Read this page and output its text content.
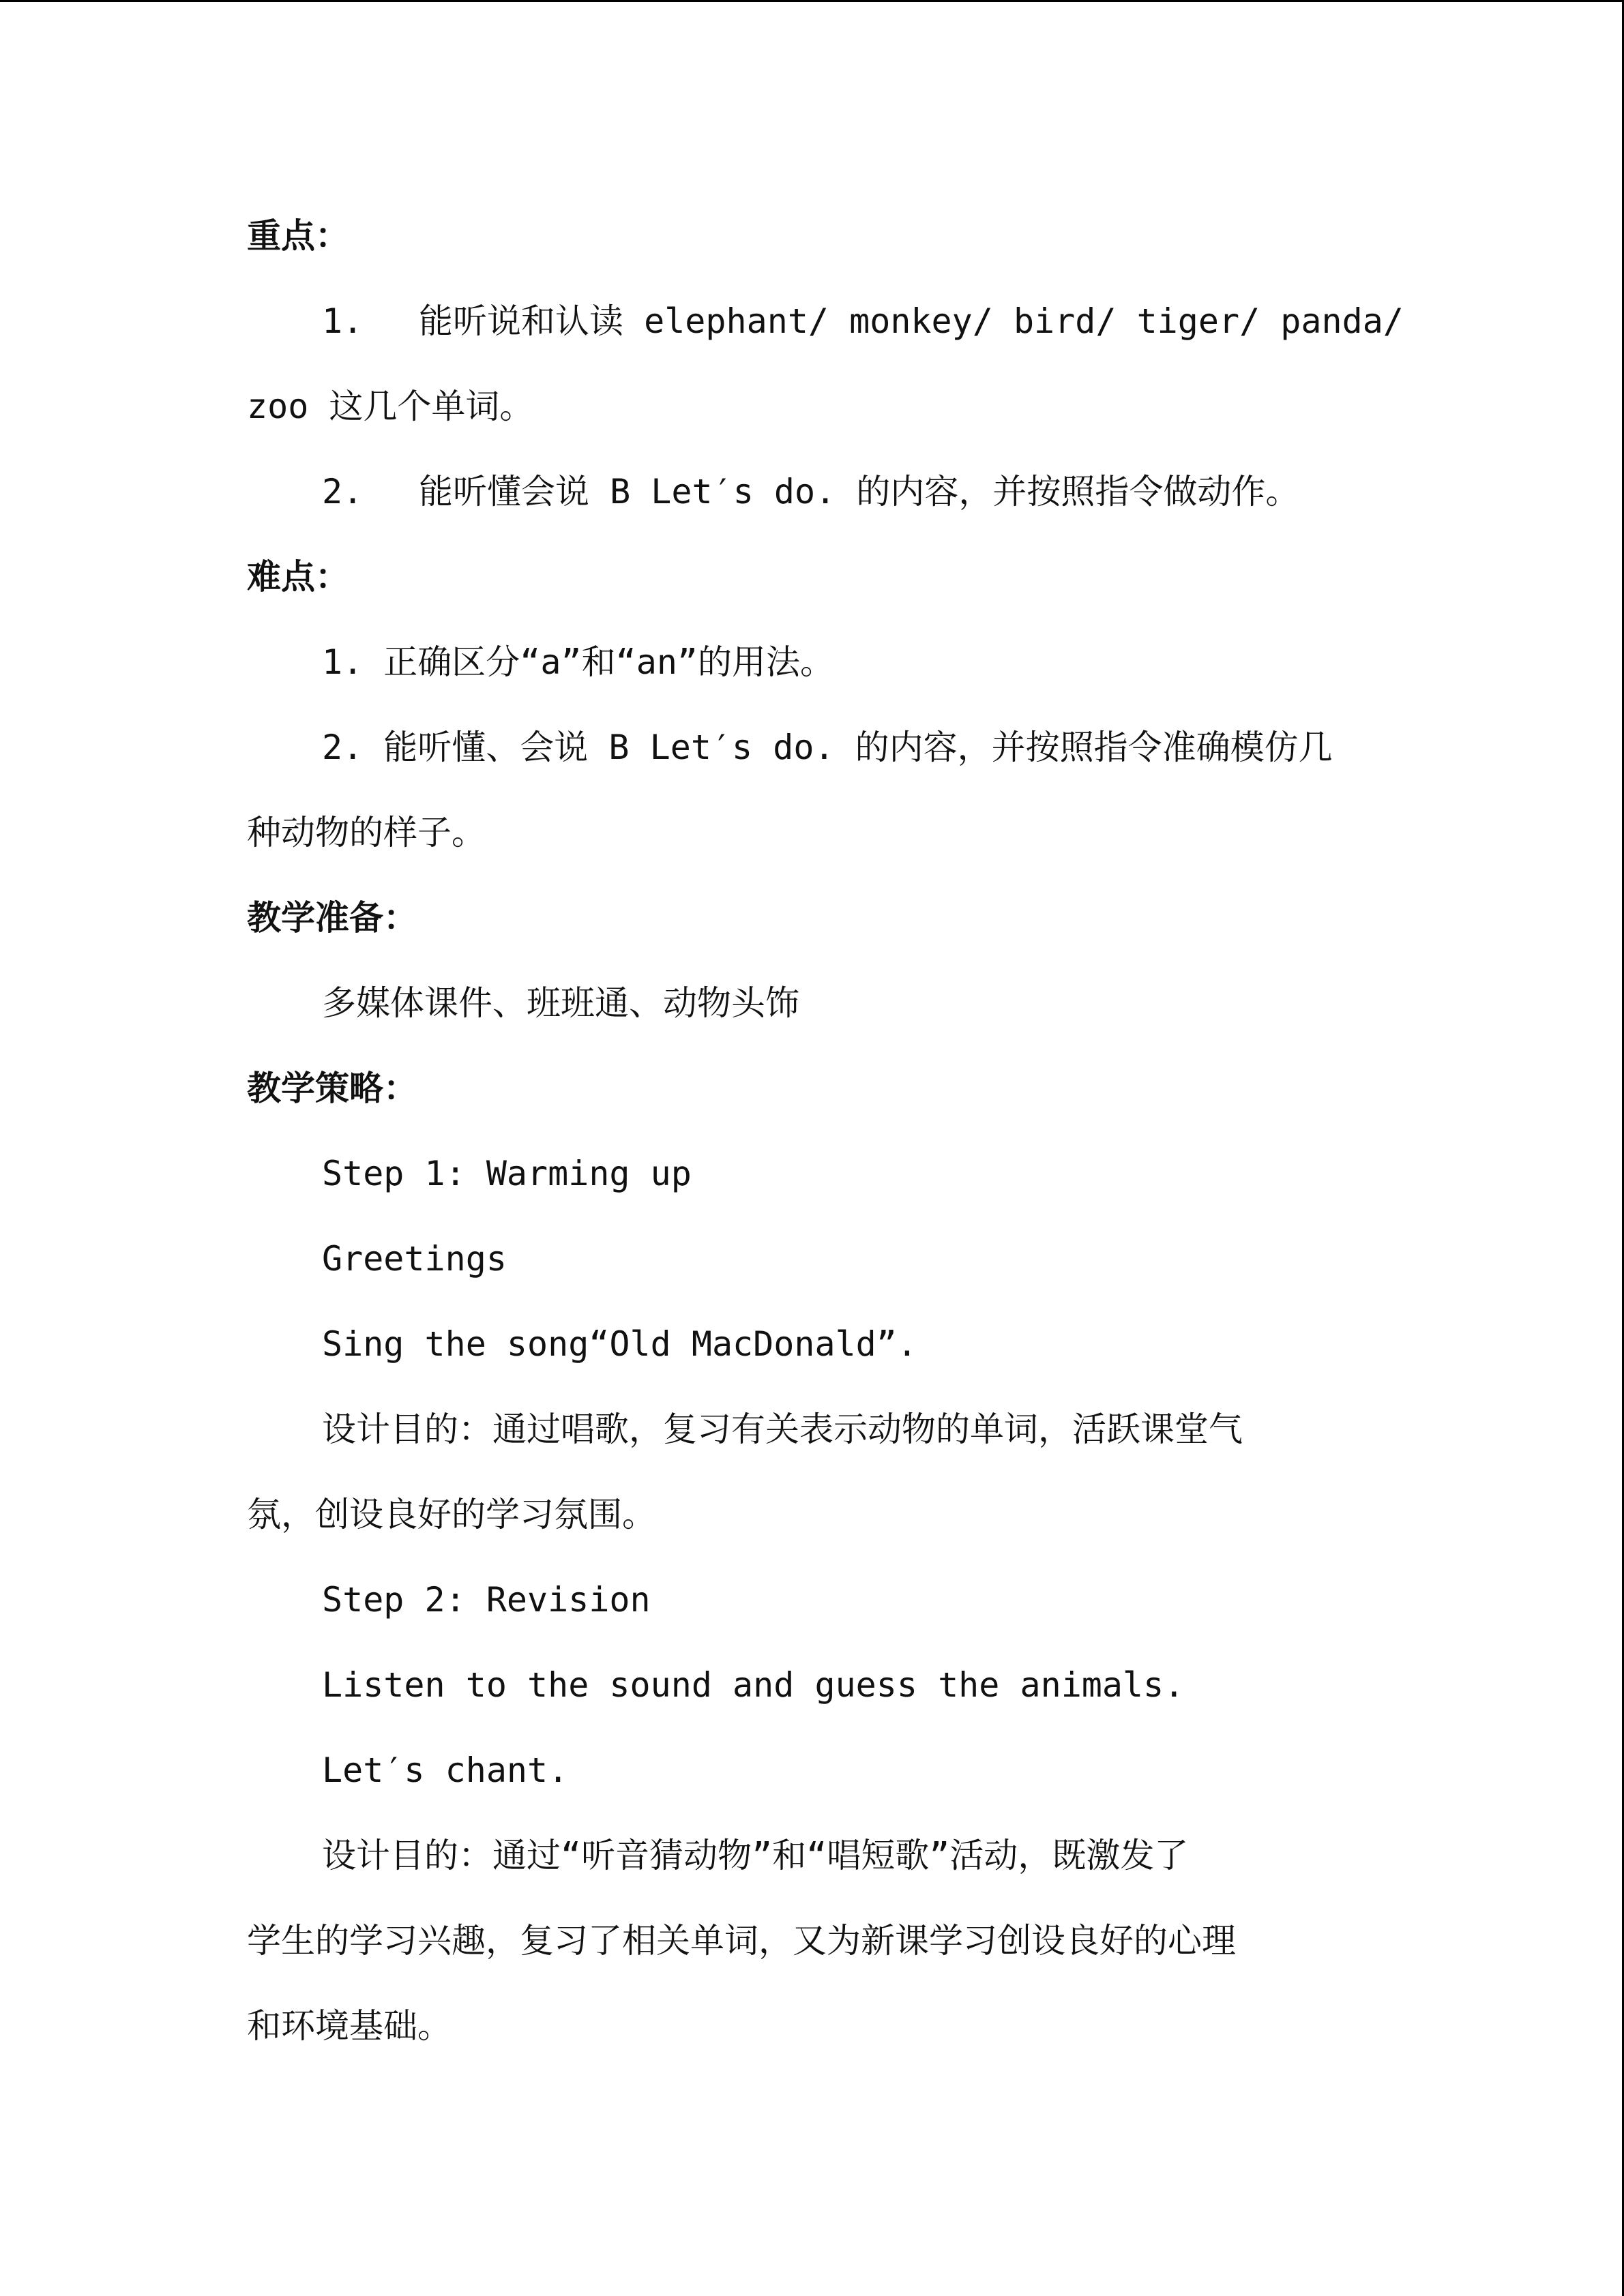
重点：
1. 能听说和认读 elephant/ monkey/ bird/ tiger/ panda/
zoo 这几个单词。
2. 能听懂会说 B Let′s do. 的内容，并按照指令做动作。
难点：
1. 正确区分“a”和“an”的用法。
2. 能听懂、会说 B Let′s do. 的内容，并按照指令准确模仿几
种动物的样子。
教学准备：
多媒体课件、班班通、动物头饰
教学策略：
Step 1: Warming up
Greetings
Sing the song“Old MacDonald”.
设计目的：通过唱歌，复习有关表示动物的单词，活跃课堂气
氛，创设良好的学习氛围。
Step 2: Revision
Listen to the sound and guess the animals.
Let′s chant.
设计目的：通过“听音猜动物”和“唱短歌”活动，既激发了
学生的学习兴趣，复习了相关单词，又为新课学习创设良好的心理
和环境基础。
